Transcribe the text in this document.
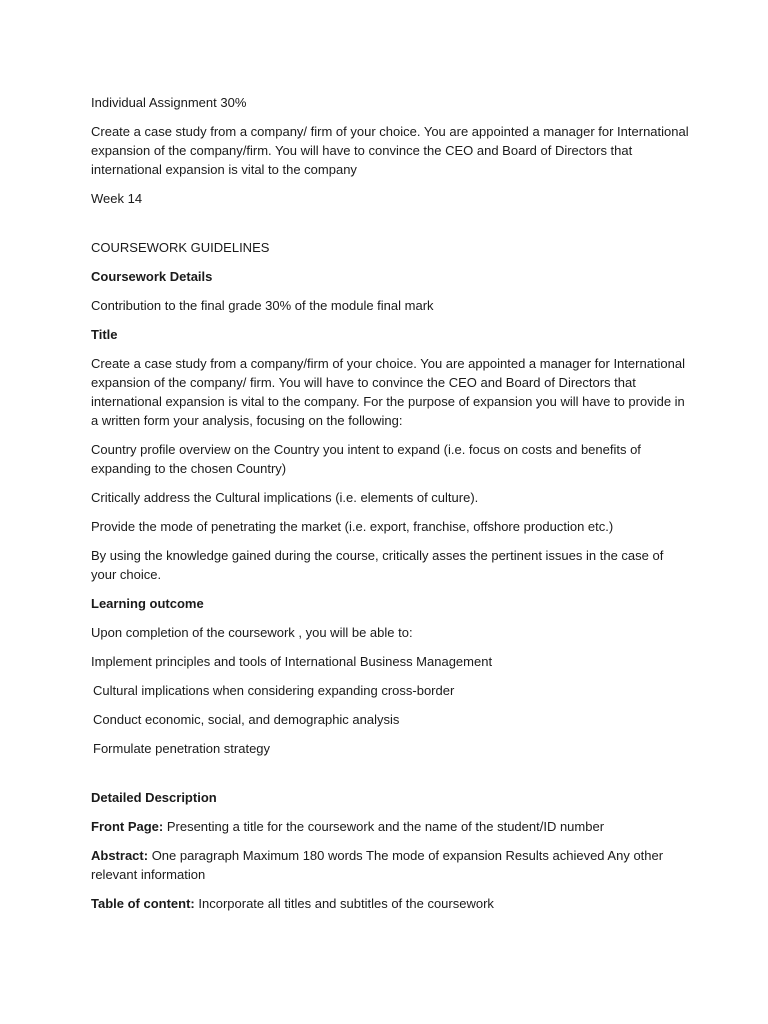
Individual Assignment 30%

Create a case study from a company/ firm of your choice. You are appointed a manager for International expansion of the company/firm. You will have to convince the CEO and Board of Directors that international expansion is vital to the company

Week 14

COURSEWORK GUIDELINES

Coursework Details

Contribution to the final grade 30% of the module final mark

Title

Create a case study from a company/firm of your choice. You are appointed a manager for International expansion of the company/ firm. You will have to convince the CEO and Board of Directors that international expansion is vital to the company. For the purpose of expansion you will have to provide in a written form your analysis, focusing on the following:

Country profile overview on the Country you intent to expand (i.e. focus on costs and benefits of expanding to the chosen Country)

Critically address the Cultural implications (i.e. elements of culture).

Provide the mode of penetrating the market (i.e. export, franchise, offshore production etc.)

By using the knowledge gained during the course, critically asses the pertinent issues in the case of your choice.

Learning outcome

Upon completion of the coursework , you will be able to:

Implement principles and tools of International Business Management

Cultural implications when considering expanding cross-border

Conduct economic, social, and demographic analysis

Formulate penetration strategy

Detailed Description

Front Page: Presenting a title for the coursework and the name of the student/ID number

Abstract: One paragraph Maximum 180 words The mode of expansion Results achieved Any other relevant information

Table of content: Incorporate all titles and subtitles of the coursework
